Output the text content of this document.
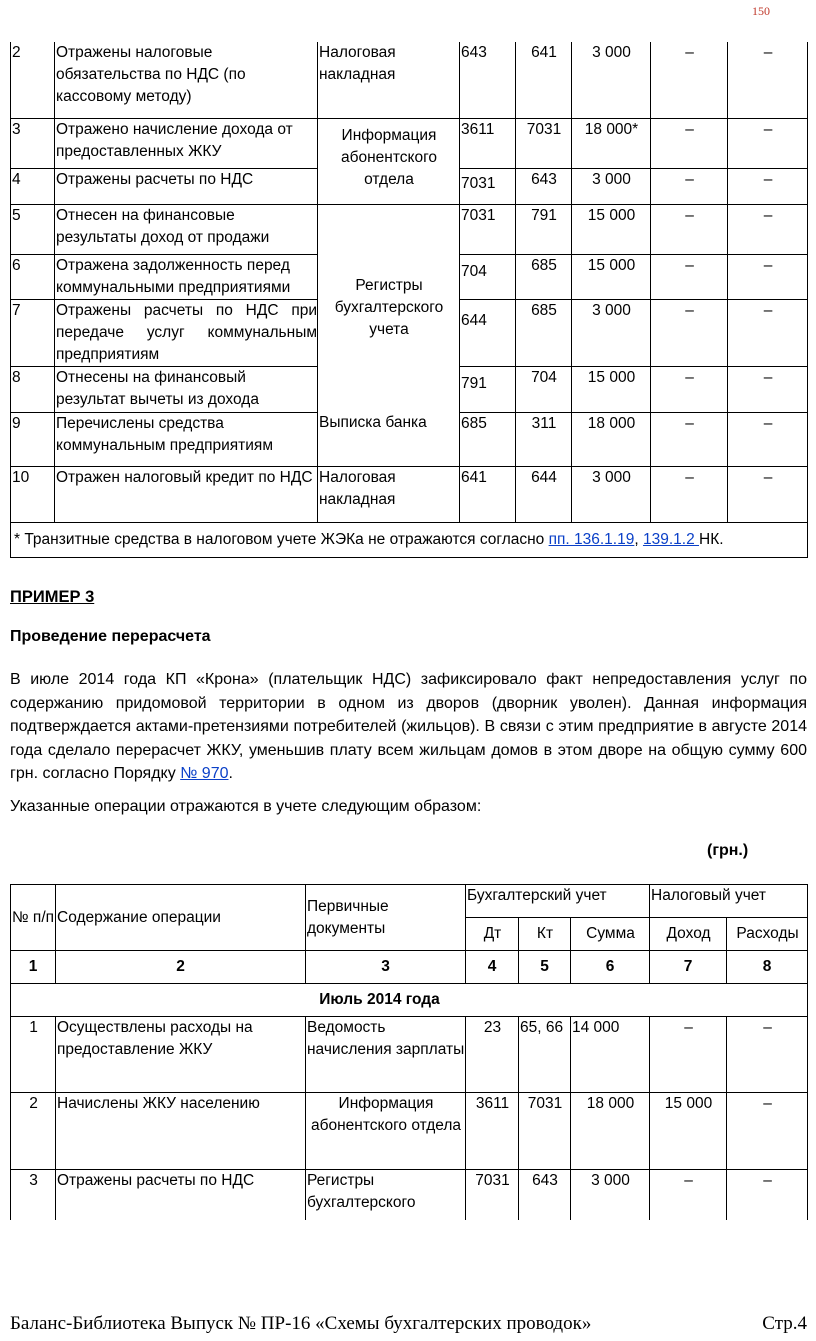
150
2	Отражены налоговые обязательства по НДС (по кассовому методу)	Налоговая накладная	643	641	3 000	–	–
3	Отражено начисление дохода от предоставленных ЖКУ	Информация абонентского отдела	3611	7031	18 000*	–	–
4	Отражены расчеты по НДС		7031	643	3 000	–	–
5	Отнесен на финансовые результаты доход от продажи	Регистры бухгалтерского учета	7031	791	15 000	–	–
6	Отражена задолженность перед коммунальными предприятиями		704	685	15 000	–	–
7	Отражены расчеты по НДС при передаче услуг коммунальным предприятиям		644	685	3 000	–	–
8	Отнесены на финансовый результат вычеты из дохода		791	704	15 000	–	–
9	Перечислены средства коммунальным предприятиям	Выписка банка	685	311	18 000	–	–
10	Отражен налоговый кредит по НДС	Налоговая накладная	641	644	3 000	–	–
* Транзитные средства в налоговом учете ЖЭКа не отражаются согласно пп. 136.1.19, 139.1.2 НК.							
ПРИМЕР 3
Проведение перерасчета

В июле 2014 года КП «Крона» (плательщик НДС) зафиксировало факт непредоставления услуг по содержанию придомовой территории в одном из дворов (дворник уволен). Данная информация подтверждается актами-претензиями потребителей (жильцов). В связи с этим предприятие в августе 2014 года сделало перерасчет ЖКУ, уменьшив плату всем жильцам домов в этом дворе на общую сумму 600 грн. согласно Порядку № 970.

Указанные операции отражаются в учете следующим образом:

(грн.)

№ п/п	Содержание операции	Первичные документы	Бухгалтерский учет			Налоговый учет	
			Дт	Кт	Сумма	Доход	Расходы
1	2	3	4	5	6	7	8
Июль 2014 года							
1	Осуществлены расходы на предоставление ЖКУ	Ведомость начисления зарплаты	23	65, 66	14 000	–	–
2	Начислены ЖКУ населению	Информация абонентского отдела	3611	7031	18 000	15 000	–
3	Отражены расчеты по НДС	Регистры бухгалтерского	7031	643	3 000	–	–
Баланс-Библиотека Выпуск № ПР-16 «Схемы бухгалтерских проводок»	Стр.4
